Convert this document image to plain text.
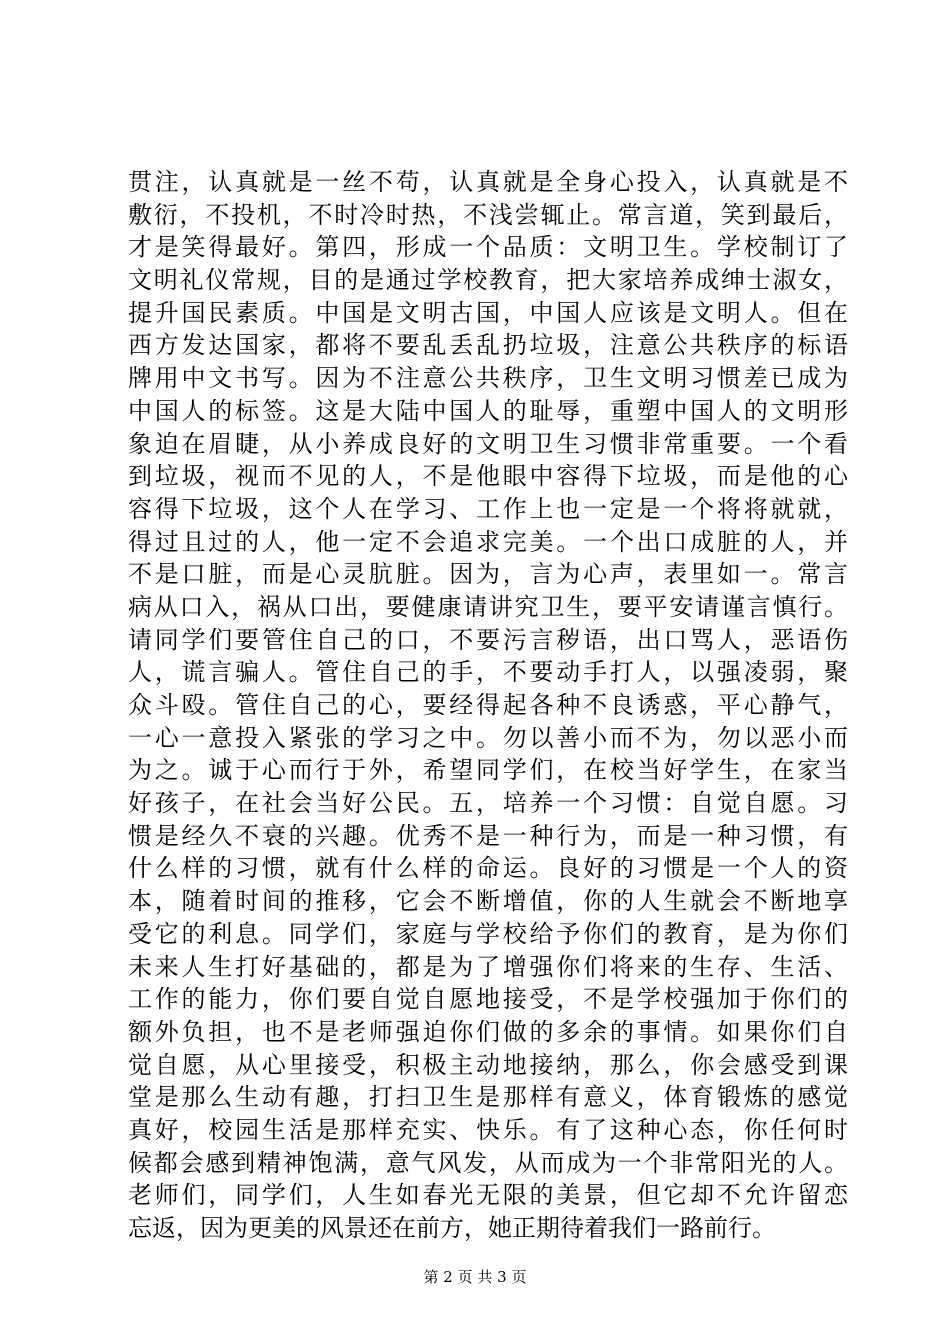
贯注，认真就是一丝不苟，认真就是全身心投入，认真就是不
敷衍，不投机，不时冷时热，不浅尝辄止。常言道，笑到最后，
才是笑得最好。第四，形成一个品质：文明卫生。学校制订了
文明礼仪常规，目的是通过学校教育，把大家培养成绅士淑女，
提升国民素质。中国是文明古国，中国人应该是文明人。但在
西方发达国家，都将不要乱丢乱扔垃圾，注意公共秩序的标语
牌用中文书写。因为不注意公共秩序，卫生文明习惯差已成为
中国人的标签。这是大陆中国人的耻辱，重塑中国人的文明形
象迫在眉睫，从小养成良好的文明卫生习惯非常重要。一个看
到垃圾，视而不见的人，不是他眼中容得下垃圾，而是他的心
容得下垃圾，这个人在学习、工作上也一定是一个将将就就，
得过且过的人，他一定不会追求完美。一个出口成脏的人，并
不是口脏，而是心灵肮脏。因为，言为心声，表里如一。常言
病从口入，祸从口出，要健康请讲究卫生，要平安请谨言慎行。
请同学们要管住自己的口，不要污言秽语，出口骂人，恶语伤
人，谎言骗人。管住自己的手，不要动手打人，以强凌弱，聚
众斗殴。管住自己的心，要经得起各种不良诱惑，平心静气，
一心一意投入紧张的学习之中。勿以善小而不为，勿以恶小而
为之。诚于心而行于外，希望同学们，在校当好学生，在家当
好孩子，在社会当好公民。五，培养一个习惯：自觉自愿。习
惯是经久不衰的兴趣。优秀不是一种行为，而是一种习惯，有
什么样的习惯，就有什么样的命运。良好的习惯是一个人的资
本，随着时间的推移，它会不断增值，你的人生就会不断地享
受它的利息。同学们，家庭与学校给予你们的教育，是为你们
未来人生打好基础的，都是为了增强你们将来的生存、生活、
工作的能力，你们要自觉自愿地接受，不是学校强加于你们的
额外负担，也不是老师强迫你们做的多余的事情。如果你们自
觉自愿，从心里接受，积极主动地接纳，那么，你会感受到课
堂是那么生动有趣，打扫卫生是那样有意义，体育锻炼的感觉
真好，校园生活是那样充实、快乐。有了这种心态，你任何时
候都会感到精神饱满，意气风发，从而成为一个非常阳光的人。
老师们，同学们，人生如春光无限的美景，但它却不允许留恋
忘返，因为更美的风景还在前方，她正期待着我们一路前行。
第 2 页 共 3 页
